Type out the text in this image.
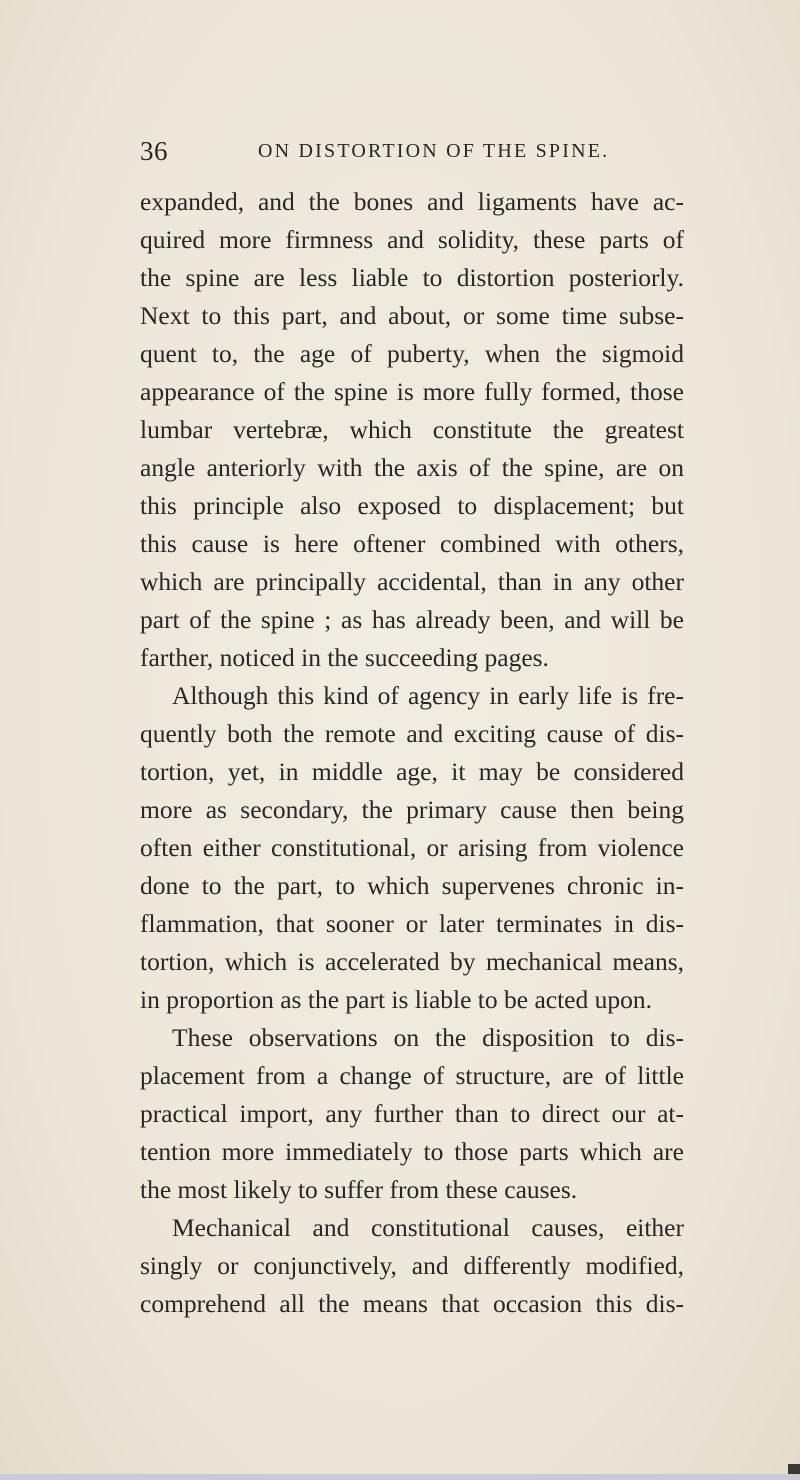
36	ON DISTORTION OF THE SPINE.
expanded, and the bones and ligaments have ac-
quired more firmness and solidity, these parts of
the spine are less liable to distortion posteriorly.
Next to this part, and about, or some time subse-
quent to, the age of puberty, when the sigmoid
appearance of the spine is more fully formed, those
lumbar vertebræ, which constitute the greatest
angle anteriorly with the axis of the spine, are on
this principle also exposed to displacement; but
this cause is here oftener combined with others,
which are principally accidental, than in any other
part of the spine ; as has already been, and will be
farther, noticed in the succeeding pages.
Although this kind of agency in early life is fre-
quently both the remote and exciting cause of dis-
tortion, yet, in middle age, it may be considered
more as secondary, the primary cause then being
often either constitutional, or arising from violence
done to the part, to which supervenes chronic in-
flammation, that sooner or later terminates in dis-
tortion, which is accelerated by mechanical means,
in proportion as the part is liable to be acted upon.
These observations on the disposition to dis-
placement from a change of structure, are of little
practical import, any further than to direct our at-
tention more immediately to those parts which are
the most likely to suffer from these causes.
Mechanical and constitutional causes, either
singly or conjunctively, and differently modified,
comprehend all the means that occasion this dis-
